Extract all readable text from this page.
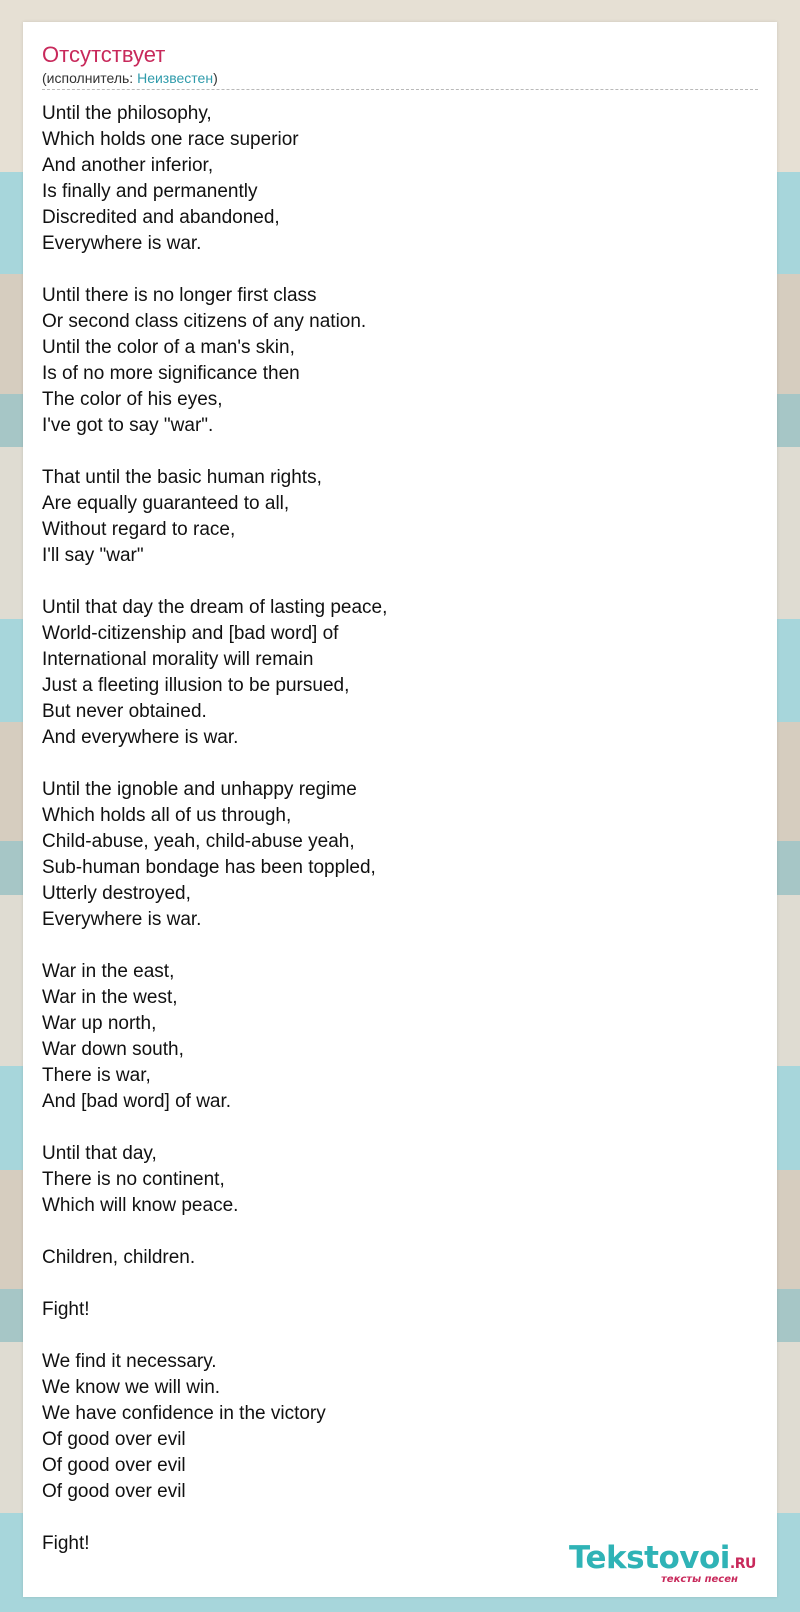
Отсутствует
(исполнитель: Неизвестен)
Until the philosophy,
Which holds one race superior
And another inferior,
Is finally and permanently
Discredited and abandoned,
Everywhere is war.
Until there is no longer first class
Or second class citizens of any nation.
Until the color of a man's skin,
Is of no more significance then
The color of his eyes,
I've got to say "war".
That until the basic human rights,
Are equally guaranteed to all,
Without regard to race,
I'll say "war"
Until that day the dream of lasting peace,
World-citizenship and [bad word] of
International morality will remain
Just a fleeting illusion to be pursued,
But never obtained.
And everywhere is war.
Until the ignoble and unhappy regime
Which holds all of us through,
Child-abuse, yeah, child-abuse yeah,
Sub-human bondage has been toppled,
Utterly destroyed,
Everywhere is war.
War in the east,
War in the west,
War up north,
War down south,
There is war,
And [bad word] of war.
Until that day,
There is no continent,
Which will know peace.
Children, children.
Fight!
We find it necessary.
We know we will win.
We have confidence in the victory
Of good over evil
Of good over evil
Of good over evil
Fight!	Tekstovoi.RU
тексты песен
